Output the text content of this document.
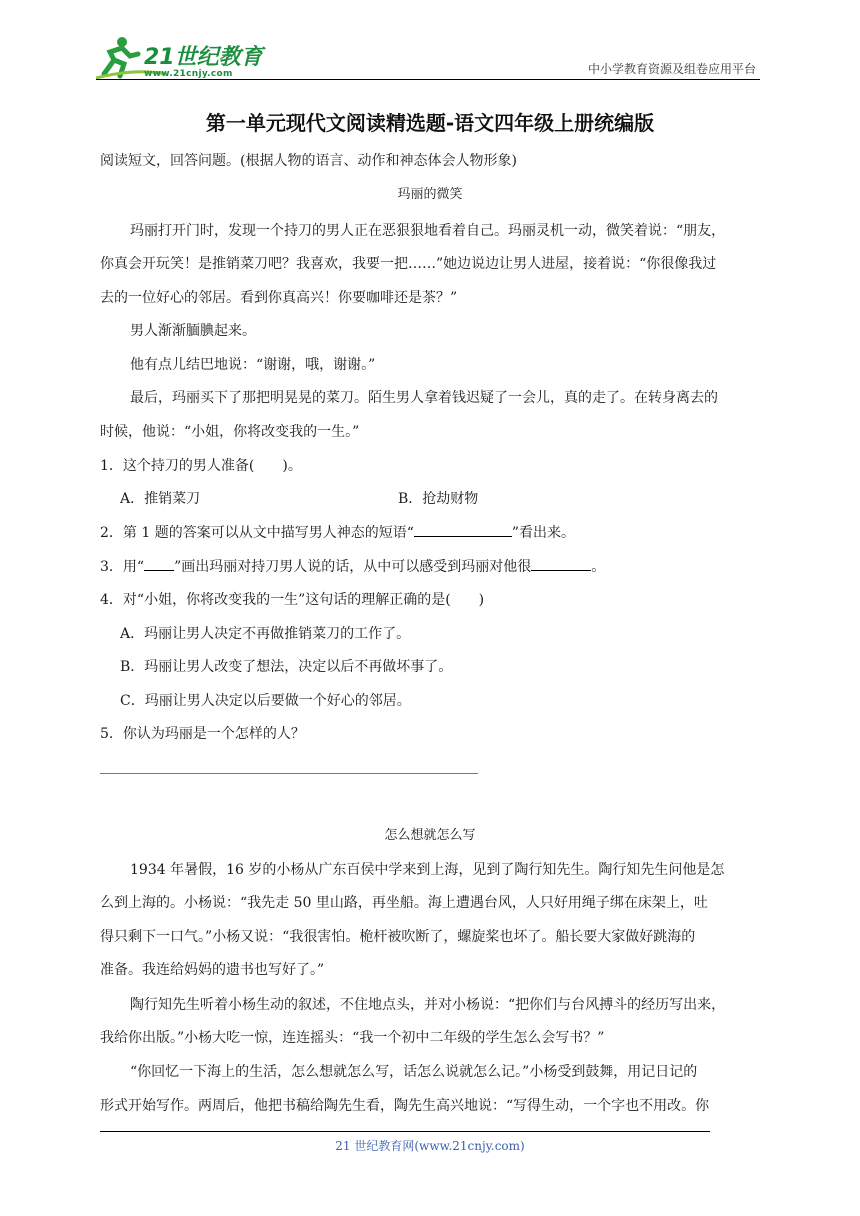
21世纪教育
www.21cnjy.com	中小学教育资源及组卷应用平台
第一单元现代文阅读精选题-语文四年级上册统编版
阅读短文，回答问题。(根据人物的语言、动作和神态体会人物形象)
玛丽的微笑
玛丽打开门时，发现一个持刀的男人正在恶狠狠地看着自己。玛丽灵机一动，微笑着说：“朋友，
你真会开玩笑！是推销菜刀吧？我喜欢，我要一把……”她边说边让男人进屋，接着说：“你很像我过
去的一位好心的邻居。看到你真高兴！你要咖啡还是茶？”
男人渐渐腼腆起来。
他有点儿结巴地说：“谢谢，哦，谢谢。”
最后，玛丽买下了那把明晃晃的菜刀。陌生男人拿着钱迟疑了一会儿，真的走了。在转身离去的
时候，他说：“小姐，你将改变我的一生。”
1．这个持刀的男人准备(　　)。
A．推销菜刀	B．抢劫财物
2．第 1 题的答案可以从文中描写男人神态的短语“	”看出来。
3．用“ ”画出玛丽对持刀男人说的话，从中可以感受到玛丽对他很	。
4．对“小姐，你将改变我的一生”这句话的理解正确的是(　　)
A．玛丽让男人决定不再做推销菜刀的工作了。
B．玛丽让男人改变了想法，决定以后不再做坏事了。
C．玛丽让男人决定以后要做一个好心的邻居。
5．你认为玛丽是一个怎样的人？
怎么想就怎么写
1934 年暑假，16 岁的小杨从广东百侯中学来到上海，见到了陶行知先生。陶行知先生问他是怎
么到上海的。小杨说：“我先走 50 里山路，再坐船。海上遭遇台风，人只好用绳子绑在床架上，吐
得只剩下一口气。”小杨又说：“我很害怕。桅杆被吹断了，螺旋桨也坏了。船长要大家做好跳海的
准备。我连给妈妈的遗书也写好了。”
陶行知先生听着小杨生动的叙述，不住地点头，并对小杨说：“把你们与台风搏斗的经历写出来，
我给你出版。”小杨大吃一惊，连连摇头：“我一个初中二年级的学生怎么会写书？”
“你回忆一下海上的生活，怎么想就怎么写，话怎么说就怎么记。”小杨受到鼓舞，用记日记的
形式开始写作。两周后，他把书稿给陶先生看，陶先生高兴地说：“写得生动，一个字也不用改。你
21 世纪教育网(www.21cnjy.com)
